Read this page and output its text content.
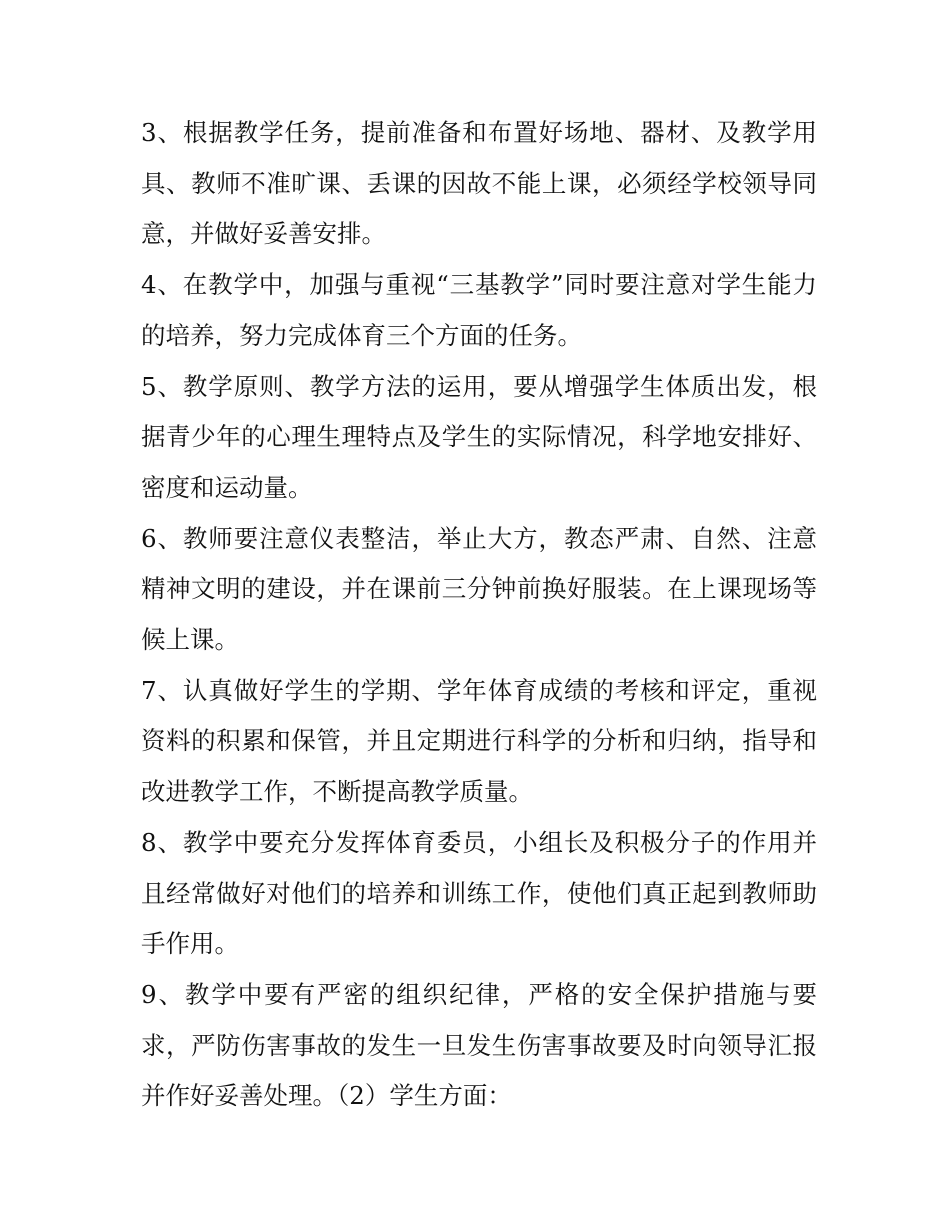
3、根据教学任务，提前准备和布置好场地、器材、及教学用
具、教师不准旷课、丢课的因故不能上课，必须经学校领导同
意，并做好妥善安排。

4、在教学中，加强与重视“三基教学”同时要注意对学生能力
的培养，努力完成体育三个方面的任务。

5、教学原则、教学方法的运用，要从增强学生体质出发，根
据青少年的心理生理特点及学生的实际情况，科学地安排好、
密度和运动量。

6、教师要注意仪表整洁，举止大方，教态严肃、自然、注意
精神文明的建设，并在课前三分钟前换好服装。在上课现场等
候上课。

7、认真做好学生的学期、学年体育成绩的考核和评定，重视
资料的积累和保管，并且定期进行科学的分析和归纳，指导和
改进教学工作，不断提高教学质量。

8、教学中要充分发挥体育委员，小组长及积极分子的作用并
且经常做好对他们的培养和训练工作，使他们真正起到教师助
手作用。

9、教学中要有严密的组织纪律，严格的安全保护措施与要
求，严防伤害事故的发生一旦发生伤害事故要及时向领导汇报
并作好妥善处理。（2）学生方面：
